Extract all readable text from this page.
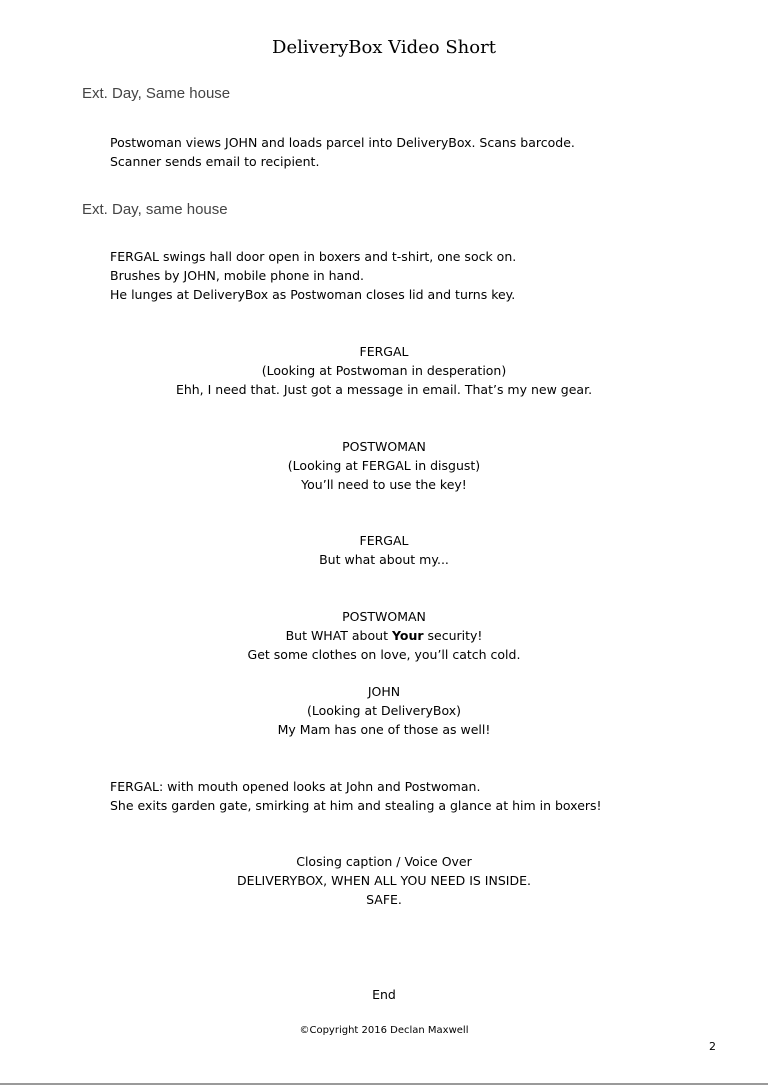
DeliveryBox Video Short
Ext. Day, Same house
Postwoman views JOHN and loads parcel into DeliveryBox. Scans barcode.
Scanner sends email to recipient.
Ext. Day, same house
FERGAL swings hall door open in boxers and t-shirt, one sock on.
Brushes by JOHN, mobile phone in hand.
He lunges at DeliveryBox as Postwoman closes lid and turns key.
FERGAL
(Looking at Postwoman in desperation)
Ehh, I need that. Just got a message in email. That’s my new gear.
POSTWOMAN
(Looking at FERGAL in disgust)
You’ll need to use the key!
FERGAL
But what about my...
POSTWOMAN
But WHAT about Your security!
Get some clothes on love, you’ll catch cold.
JOHN
(Looking at DeliveryBox)
My Mam has one of those as well!
FERGAL: with mouth opened looks at John and Postwoman.
She exits garden gate, smirking at him and stealing a glance at him in boxers!
Closing caption / Voice Over
DELIVERYBOX, WHEN ALL YOU NEED IS INSIDE.
SAFE.
End
©Copyright 2016 Declan Maxwell
2
